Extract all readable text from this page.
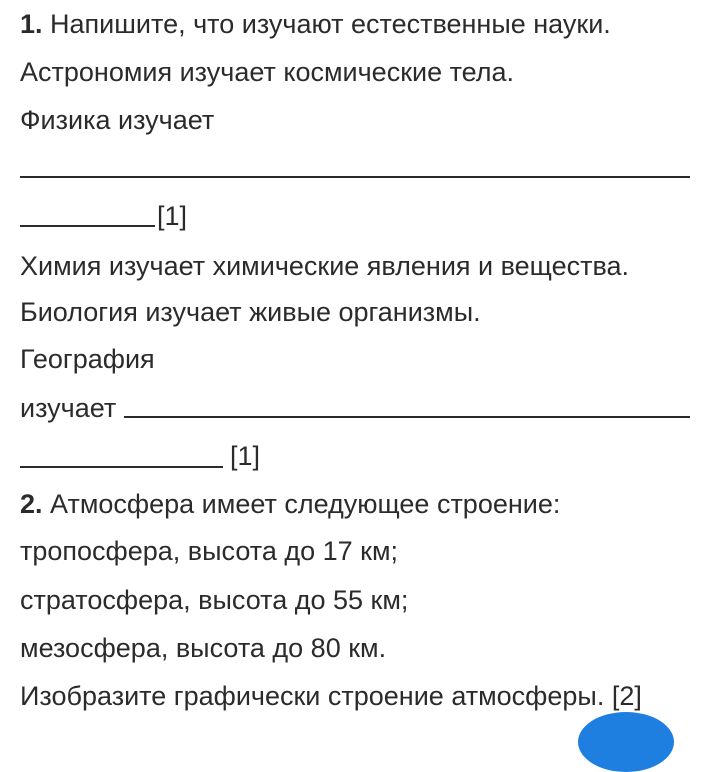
1. Напишите, что изучают естественные науки.
Астрономия изучает космические тела.
Физика изучает
[1]
Химия изучает химические явления и вещества.
Биология изучает живые организмы.
География
изучает
[1]
2. Атмосфера имеет следующее строение:
тропосфера, высота до 17 км;
стратосфера, высота до 55 км;
мезосфера, высота до 80 км.
Изобразите графически строение атмосферы. [2]
